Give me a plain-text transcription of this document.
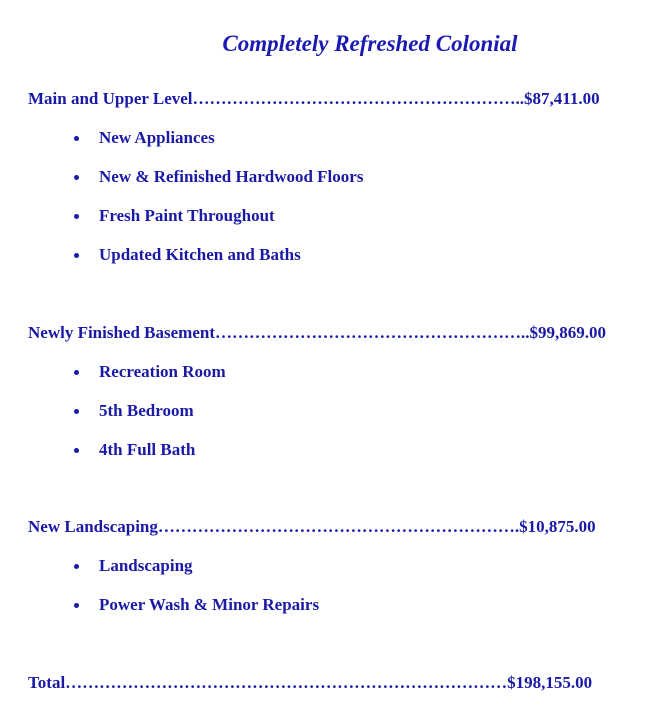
Completely Refreshed Colonial
Main and Upper Level…………………………………………………..$87,411.00
New Appliances
New & Refinished Hardwood Floors
Fresh Paint Throughout
Updated Kitchen and Baths
Newly Finished Basement………………………………………………..$99,869.00
Recreation Room
5th Bedroom
4th Full Bath
New Landscaping……………………………………………………….$10,875.00
Landscaping
Power Wash & Minor Repairs
Total……………………………………………………………………$198,155.00
